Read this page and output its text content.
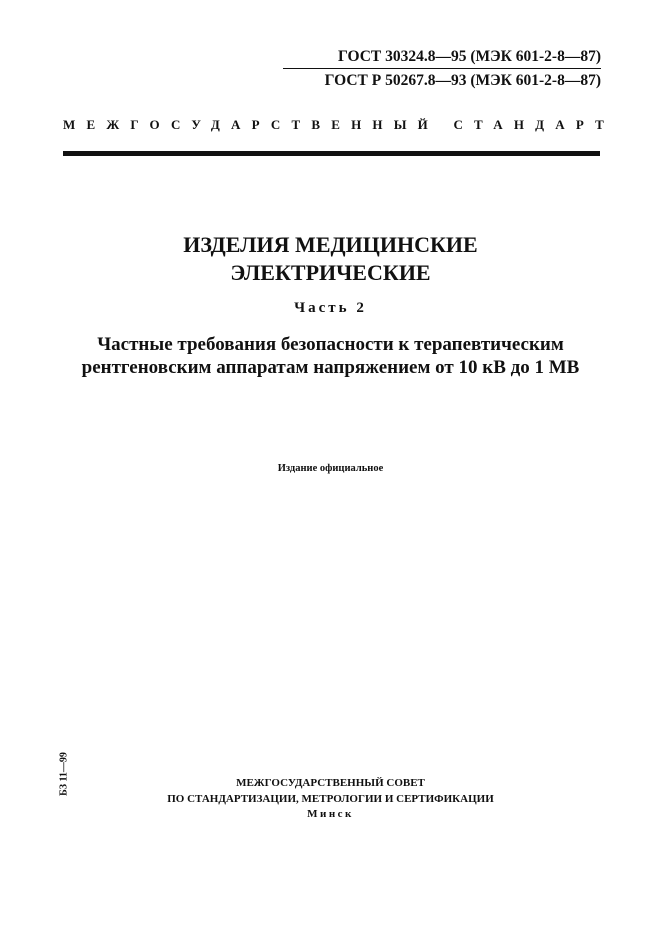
ГОСТ 30324.8—95 (МЭК 601-2-8—87)
ГОСТ Р 50267.8—93 (МЭК 601-2-8—87)
МЕЖГОСУДАРСТВЕННЫЙ СТАНДАРТ
ИЗДЕЛИЯ МЕДИЦИНСКИЕ
ЭЛЕКТРИЧЕСКИЕ
Часть 2
Частные требования безопасности к терапевтическим рентгеновским аппаратам напряжением от 10 кВ до 1 МВ
Издание официальное
БЗ 11—99	МЕЖГОСУДАРСТВЕННЫЙ СОВЕТ
ПО СТАНДАРТИЗАЦИИ, МЕТРОЛОГИИ И СЕРТИФИКАЦИИ
Минск
